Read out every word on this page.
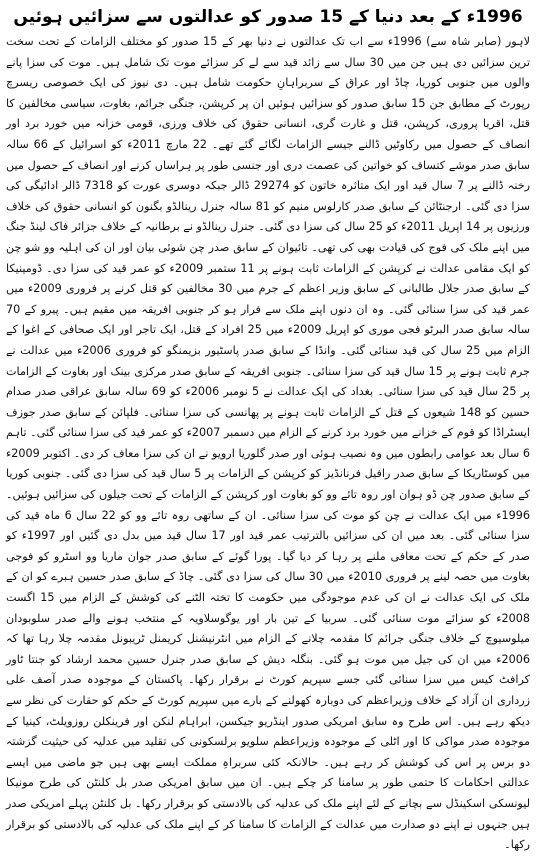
1996ء کے بعد دنیا کے 15 صدور کو عدالتوں سے سزائیں ہوئیں
لاہور (صابر شاہ سے) 1996ء سے اب تک عدالتوں نے دنیا بھر کے 15 صدور کو مختلف الزامات کے تحت سخت ترین سزائیں دی ہیں جن میں 30 سال سے زائد قید سے لے کر سزائے موت تک شامل ہیں۔ موت کی سزا پانے والوں میں جنوبی کوریا، چاڈ اور عراق کے سربراہانِ حکومت شامل ہیں۔ دی نیوز کی ایک خصوصی ریسرچ رپورٹ کے مطابق جن 15 سابق صدور کو سزائیں ہوئیں ان پر کرپشن، جنگی جرائم، بغاوت، سیاسی مخالفین کا قتل، اقربا پروری، کرپشن، قتل و غارت گری، انسانی حقوق کی خلاف ورزی، قومی خزانہ میں خورد برد اور انصاف کے حصول میں رکاوٹیں ڈالنے جیسے الزامات لگائے گئے تھے۔ 22 مارچ 2011ء کو اسرائیل کے 66 سالہ سابق صدر موشے کتساف کو خواتین کی عصمت دری اور جنسی طور پر ہراساں کرنے اور انصاف کے حصول میں رخنہ ڈالنے پر 7 سال قید اور ایک متاثرہ خاتون کو 29274 ڈالر جبکہ دوسری عورت کو 7318 ڈالر ادائیگی کی سزا دی گئی۔ ارجنٹائن کے سابق صدر کارلوس منیم کو 81 سالہ جنرل رینالڈو بگنون کو انسانی حقوق کی خلاف ورزیوں پر 14 اپریل 2011ء کو 25 سال کی سزا دی گئی۔ جنرل رینالڈو نے برطانیہ کے خلاف جزائر فاک لینڈ جنگ میں اپنے ملک کی فوج کی قیادت بھی کی تھی۔ تائیوان کے سابق صدر چن شوئی بیان اور ان کی اہلیہ وو شو چن کو ایک مقامی عدالت نے کرپشن کے الزامات ثابت ہونے پر 11 ستمبر 2009ء کو عمر قید کی سزا دی۔ ڈومینیکا کے سابق صدر جلال طالبانی کے سابق وزیر اعظم کے جرم میں 30 مخالفین کو قتل کرنے پر فروری 2009ء میں عمر قید کی سزا سنائی گئی۔ وہ ان دنوں اپنے ملک سے فرار ہو کر جنوبی افریقہ میں مقیم ہیں۔ پیرو کے 70 سالہ سابق صدر البرٹو فجی موری کو اپریل 2009ء میں 25 افراد کے قتل، ایک تاجر اور ایک صحافی کے اغوا کے الزام میں 25 سال کی قید سنائی گئی۔ وانڈا کے سابق صدر پاسٹیور بزیمنگو کو فروری 2006ء میں عدالت نے جرم ثابت ہونے پر 15 سال قید کی سزا سنائی۔ جنوبی افریقہ کے سابق صدر مرکزی بینک اور بغاوت کے الزامات پر 25 سال قید کی سزا سنائی۔ بغداد کی ایک عدالت نے 5 نومبر 2006ء کو 69 سالہ سابق عراقی صدر صدام حسین کو 148 شیعوں کے قتل کے الزامات ثابت ہونے پر پھانسی کی سزا سنائی۔ فلپائن کے سابق صدر جوزف ایسٹراڈا کو قوم کے خزانے میں خورد برد کرنے کے الزام میں دسمبر 2007ء کو عمر قید کی سزا سنائی گئی۔ تاہم 6 سال بعد عوامی رابطوں میں وہ نصیب ہوئی اور صدر گلوریا ارویو نے ان کی سزا معاف کر دی۔ اکتوبر 2009ء میں کوسٹاریکا کے سابق صدر رافیل فرنانڈیز کو کرپشن کے الزامات پر 5 سال قید کی سزا دی گئی۔ جنوبی کوریا کے سابق صدور چن ڈو ہوان اور روہ تائے وو کو بغاوت اور کرپشن کے الزامات کے تحت جیلوں کی سزائیں ہوئیں۔ 1996ء میں ایک عدالت نے چن کو موت کی سزا سنائی۔ ان کے ساتھی روہ تائے وو کو 22 سال 6 ماہ قید کی سزا سنائی گئی۔ بعد میں ان کی سزائیں بالترتیب عمر قید اور 17 سال قید میں بدل دی گئیں اور 1997ء کو صدر کے حکم کے تحت معافی ملنے پر رہا کر دیا گیا۔ پورا گوئے کے سابق صدر جوان ماریا وو اسٹرو کو فوجی بغاوت میں حصہ لینے پر فروری 2010ء میں 30 سال کی سزا دی گئی۔ چاڈ کے سابق صدر حسین ہبرے کو ان کے ملک کی ایک عدالت نے ان کی عدم موجودگی میں حکومت کا تختہ الٹنے کی کوشش کے الزام میں 15 اگست 2008ء کو سزائے موت سنائی گئی۔ سربیا کے تین بار اور یوگوسلاویہ کے منتخب ہونے والے صدر سلوبودان میلوسیوچ کے خلاف جنگی جرائم کا مقدمہ چلانے کے الزام میں انٹرنیشنل کریمنل ٹریبونل مقدمہ چلا رہا تھا کہ 2006ء میں ان کی جیل میں موت ہو گئی۔ بنگلہ دیش کے سابق صدر جنرل حسین محمد ارشاد کو جنتا ٹاور کرافٹ کیس میں سزا سنائی گئی جسے سپریم کورٹ نے برقرار رکھا۔ پاکستان کے موجودہ صدر آصف علی زرداری ان آزاد کے خلاف وزیراعظم کی دوبارہ کھولنے کے بارے میں سپریم کورٹ کے حکم کو حقارت کی نظر سے دیکھ رہے ہیں۔ اس طرح وہ سابق امریکی صدور اینڈریو جیکسن، ابراہام لنکن اور فرینکلن روزویلٹ، کینیا کے موجودہ صدر مواکی کا اور اٹلی کے موجودہ وزیراعظم سلویو برلسکونی کی تقلید میں عدلیہ کی حیثیت گزشتہ دو برس پر اس کی کوشش کر رہے ہیں۔ حالانکہ کئی سربراہِ مملکت ایسے بھی ہیں جو ماضی میں ایسے عدالتی احکامات کا حتمی طور پر سامنا کر چکے ہیں۔ ان میں سابق امریکی صدر بل کلنٹن کی طرح مونیکا لیونسکی اسکینڈل سے بچانے کے لئے اپنے ملک کی عدلیہ کی بالادستی کو برقرار رکھا۔ بل کلنٹن پہلے امریکی صدر ہیں جنہوں نے اپنے دو صدارت میں عدالت کے الزامات کا سامنا کر کے اپنے ملک کی عدلیہ کی بالادستی کو برقرار رکھا۔
